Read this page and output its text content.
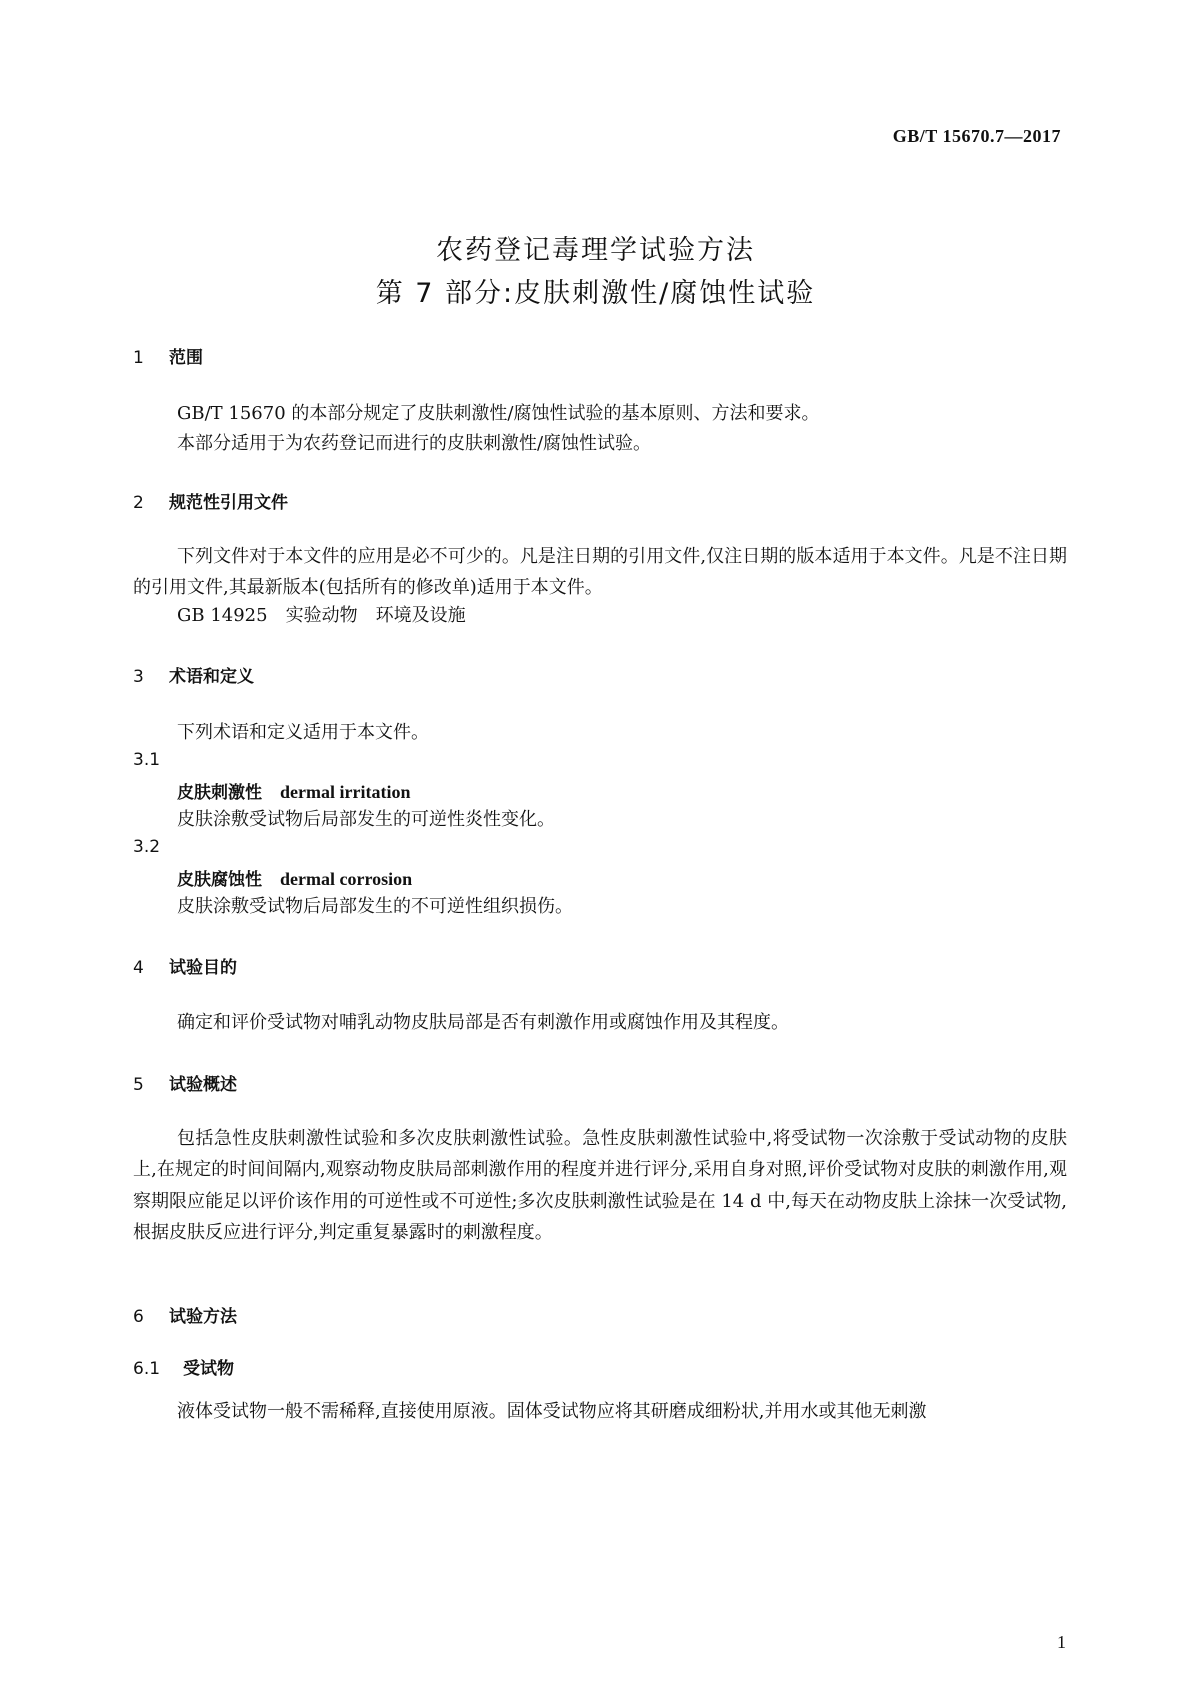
GB/T 15670.7—2017
农药登记毒理学试验方法
第 7 部分:皮肤刺激性/腐蚀性试验
1 范围
GB/T 15670 的本部分规定了皮肤刺激性/腐蚀性试验的基本原则、方法和要求。
本部分适用于为农药登记而进行的皮肤刺激性/腐蚀性试验。
2 规范性引用文件
下列文件对于本文件的应用是必不可少的。凡是注日期的引用文件,仅注日期的版本适用于本文件。凡是不注日期的引用文件,其最新版本(包括所有的修改单)适用于本文件。
GB 14925　实验动物　环境及设施
3 术语和定义
下列术语和定义适用于本文件。
3.1
皮肤刺激性 dermal irritation
皮肤涂敷受试物后局部发生的可逆性炎性变化。
3.2
皮肤腐蚀性 dermal corrosion
皮肤涂敷受试物后局部发生的不可逆性组织损伤。
4 试验目的
确定和评价受试物对哺乳动物皮肤局部是否有刺激作用或腐蚀作用及其程度。
5 试验概述
包括急性皮肤刺激性试验和多次皮肤刺激性试验。急性皮肤刺激性试验中,将受试物一次涂敷于受试动物的皮肤上,在规定的时间间隔内,观察动物皮肤局部刺激作用的程度并进行评分,采用自身对照,评价受试物对皮肤的刺激作用,观察期限应能足以评价该作用的可逆性或不可逆性;多次皮肤刺激性试验是在 14 d 中,每天在动物皮肤上涂抹一次受试物,根据皮肤反应进行评分,判定重复暴露时的刺激程度。
6 试验方法
6.1 受试物
液体受试物一般不需稀释,直接使用原液。固体受试物应将其研磨成细粉状,并用水或其他无刺激
1
